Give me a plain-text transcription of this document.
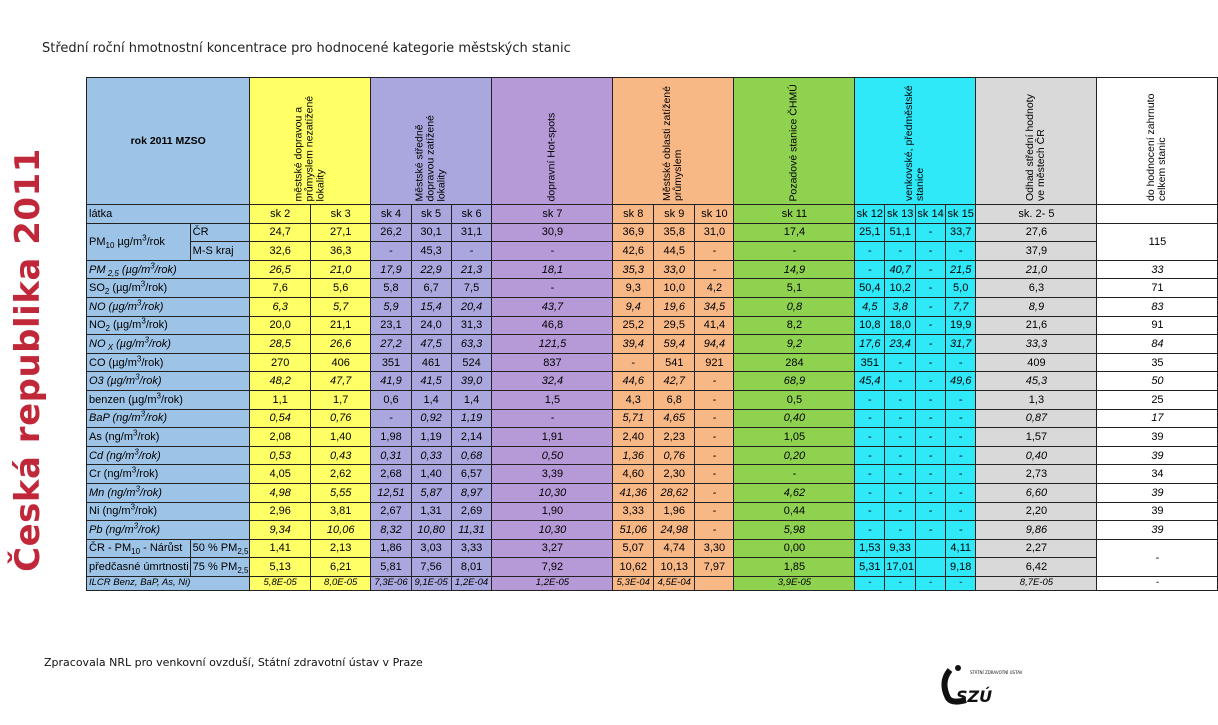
Česká republika 2011
Střední roční hmotnostní koncentrace pro hodnocené kategorie městských stanic
rok 2011 MZSO		městské dopravou a průmyslem nezatížené lokality		Městské středně dopravou zatížené lokality			dopravní Hot-spots	Městské oblasti zatížené průmyslem			Pozadové stanice ČHMÚ	venkovské, předměstské stanice				Odhad střední hodnoty ve městech ČR	do hodnocení zahrnuto celkem stanic

látka		sk 2	sk 3	sk 4	sk 5	sk 6	sk 7	sk 8	sk 9	sk 10	sk 11	sk 12	sk 13	sk 14	sk 15	sk. 2- 5	
$PM_{10}$ $\mu g/m^3$/rok	ČR	24,7	27,1	26,2	30,1	31,1	30,9	36,9	35,8	31,0	17,4	25,1	51,1	-	33,7	27,6	115
	M-S kraj	32,6	36,3	-	45,3	-	-	42,6	44,5	-	-	-	-	-	-	37,9	
PM $_{2,5}$ $(\mu g/m^3/rok)$		26,5	21,0	17,9	22,9	21,3	18,1	35,3	33,0	-	14,9	-	40,7	-	21,5	21,0	33
$SO_2$ $(\mu g/m^3/rok)$		7,6	5,6	5,8	6,7	7,5	-	9,3	10,0	4,2	5,1	50,4	10,2	-	5,0	6,3	71
NO $(\mu g/m^3/rok)$		6,3	5,7	5,9	15,4	20,4	43,7	9,4	19,6	34,5	0,8	4,5	3,8	-	7,7	8,9	83
$NO_2$ $(\mu g/m^3/rok)$		20,0	21,1	23,1	24,0	31,3	46,8	25,2	29,5	41,4	8,2	10,8	18,0	-	19,9	21,6	91
NO $_X$ $(\mu g/m^3/rok)$		28,5	26,6	27,2	47,5	63,3	121,5	39,4	59,4	94,4	9,2	17,6	23,4	-	31,7	33,3	84
CO $(\mu g/m^3/rok)$		270	406	351	461	524	837	-	541	921	284	351	-	-	-	409	35
O3 $(\mu g/m^3/rok)$		48,2	47,7	41,9	41,5	39,0	32,4	44,6	42,7	-	68,9	45,4	-	-	49,6	45,3	50
benzen $(\mu g/m^3/rok)$		1,1	1,7	0,6	1,4	1,4	1,5	4,3	6,8	-	0,5	-	-	-	-	1,3	25
BaP $(ng/m^3/rok)$		0,54	0,76	-	0,92	1,19	-	5,71	4,65	-	0,40	-	-	-	-	0,87	17
As $(ng/m^3/rok)$		2,08	1,40	1,98	1,19	2,14	1,91	2,40	2,23	-	1,05	-	-	-	-	1,57	39
Cd $(ng/m^3/rok)$		0,53	0,43	0,31	0,33	0,68	0,50	1,36	0,76	-	0,20	-	-	-	-	0,40	39
Cr $(ng/m^3/rok)$		4,05	2,62	2,68	1,40	6,57	3,39	4,60	2,30	-	-	-	-	-	-	2,73	34
Mn $(ng/m^3/rok)$		4,98	5,55	12,51	5,87	8,97	10,30	41,36	28,62	-	4,62	-	-	-	-	6,60	39
Ni $(ng/m^3/rok)$		2,96	3,81	2,67	1,31	2,69	1,90	3,33	1,96	-	0,44	-	-	-	-	2,20	39
Pb $(ng/m^3/rok)$		9,34	10,06	8,32	10,80	11,31	10,30	51,06	24,98	-	5,98	-	-	-	-	9,86	39
ČR - $PM_{10}$ - Nárůst	50 % $PM_{2,5}$	1,41	2,13	1,86	3,03	3,33	3,27	5,07	4,74	3,30	0,00	1,53	9,33		4,11	2,27	-
předčasné úmrtnosti	75 % $PM_{2,5}$	5,13	6,21	5,81	7,56	8,01	7,92	10,62	10,13	7,97	1,85	5,31	17,01		9,18	6,42	
ILCR Benz, BaP, As, Ni)		5,8E-05	8,0E-05	7,3E-06	9,1E-05	1,2E-04	1,2E-05	5,3E-04	4,5E-04		3,9E-05	-	-	-	-	8,7E-05	-
Zpracovala NRL pro venkovní ovzduší, Státní zdravotní ústav v Praze
SZÚ
STÁTNÍ ZDRAVOTNÍ ÚSTAV
